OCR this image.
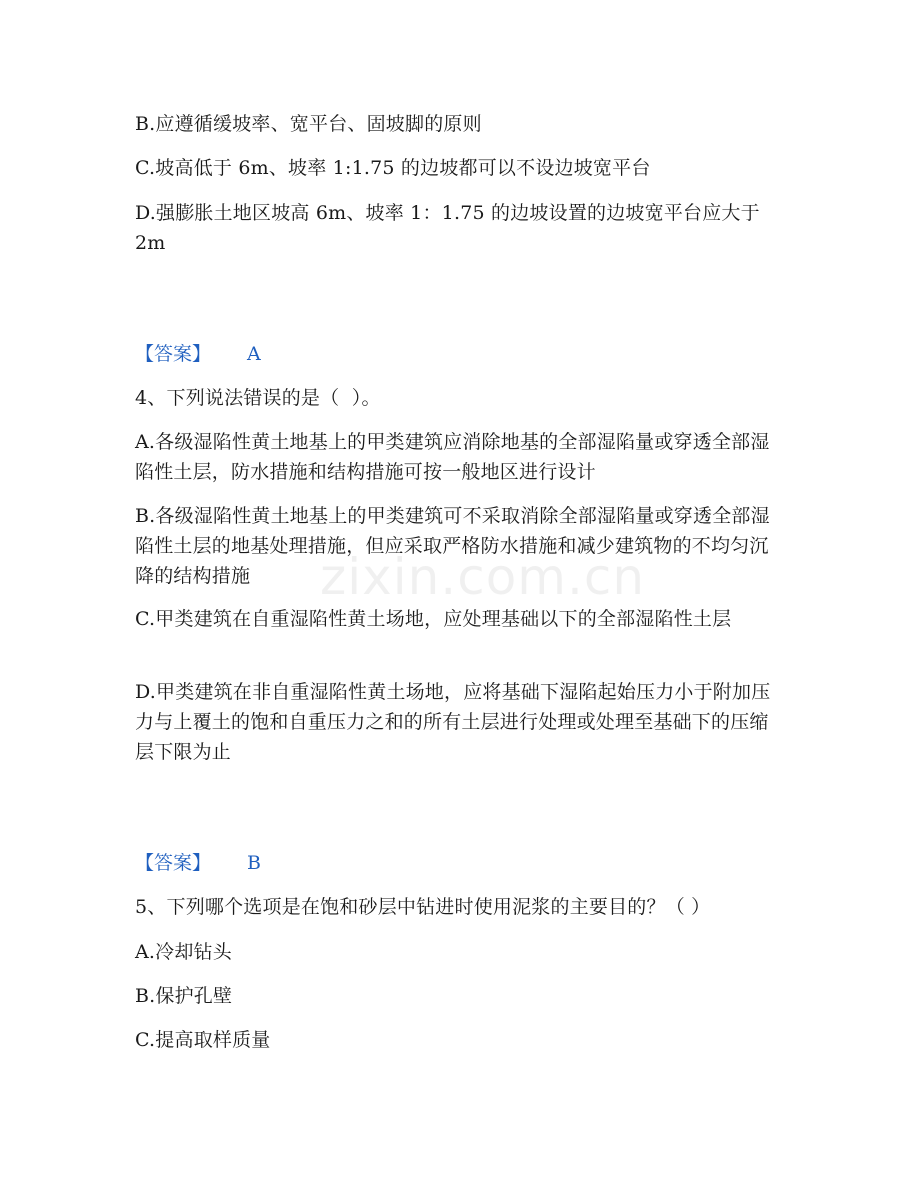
zixin.com.cn
B.应遵循缓坡率、宽平台、固坡脚的原则
C.坡高低于 6m、坡率 1:1.75 的边坡都可以不设边坡宽平台
D.强膨胀土地区坡高 6m、坡率 1：1.75 的边坡设置的边坡宽平台应大于 2m
【答案】 A
4、下列说法错误的是（  ）。
A.各级湿陷性黄土地基上的甲类建筑应消除地基的全部湿陷量或穿透全部湿陷性土层，防水措施和结构措施可按一般地区进行设计
B.各级湿陷性黄土地基上的甲类建筑可不采取消除全部湿陷量或穿透全部湿陷性土层的地基处理措施，但应采取严格防水措施和减少建筑物的不均匀沉降的结构措施
C.甲类建筑在自重湿陷性黄土场地，应处理基础以下的全部湿陷性土层
D.甲类建筑在非自重湿陷性黄土场地，应将基础下湿陷起始压力小于附加压力与上覆土的饱和自重压力之和的所有土层进行处理或处理至基础下的压缩层下限为止
【答案】 B
5、下列哪个选项是在饱和砂层中钻进时使用泥浆的主要目的？（ ）
A.冷却钻头
B.保护孔壁
C.提高取样质量
